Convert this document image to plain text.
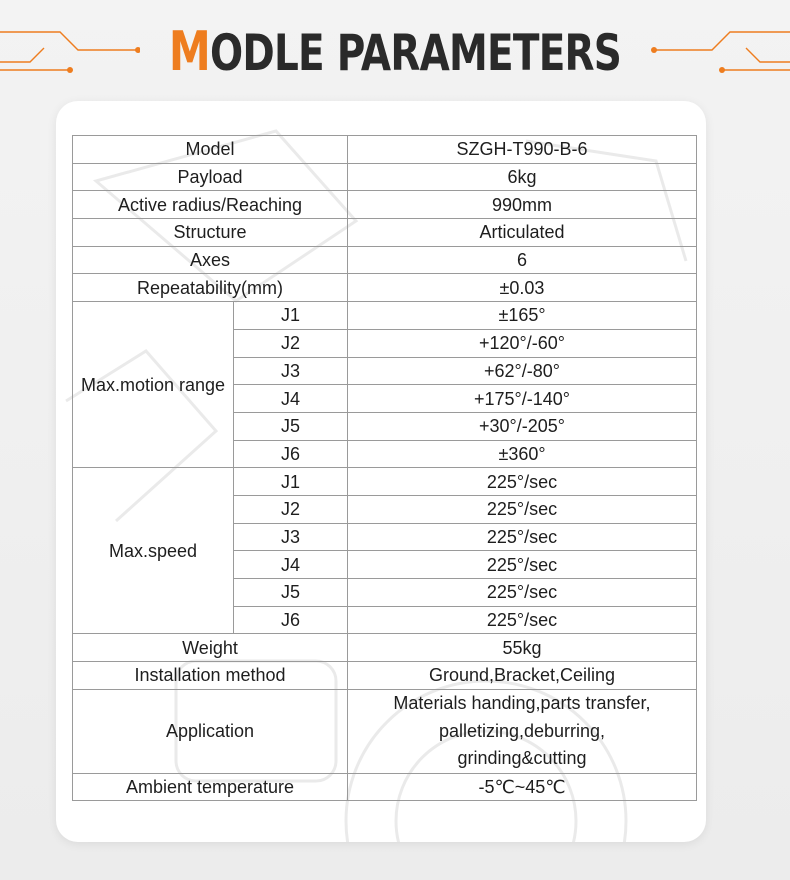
MODLE PARAMETERS
Model		SZGH-T990-B-6
Payload		6kg
Active radius/Reaching		990mm
Structure		Articulated
Axes		6
Repeatability(mm)		±0.03
Max.motion range	J1	±165°
	J2	+120°/-60°
	J3	+62°/-80°
	J4	+175°/-140°
	J5	+30°/-205°
	J6	±360°
Max.speed	J1	225°/sec
	J2	225°/sec
	J3	225°/sec
	J4	225°/sec
	J5	225°/sec
	J6	225°/sec
Weight		55kg
Installation method		Ground,Bracket,Ceiling
Application		Materials handing,parts transfer,
palletizing,deburring,
grinding&cutting

Ambient temperature		-5℃~45℃
